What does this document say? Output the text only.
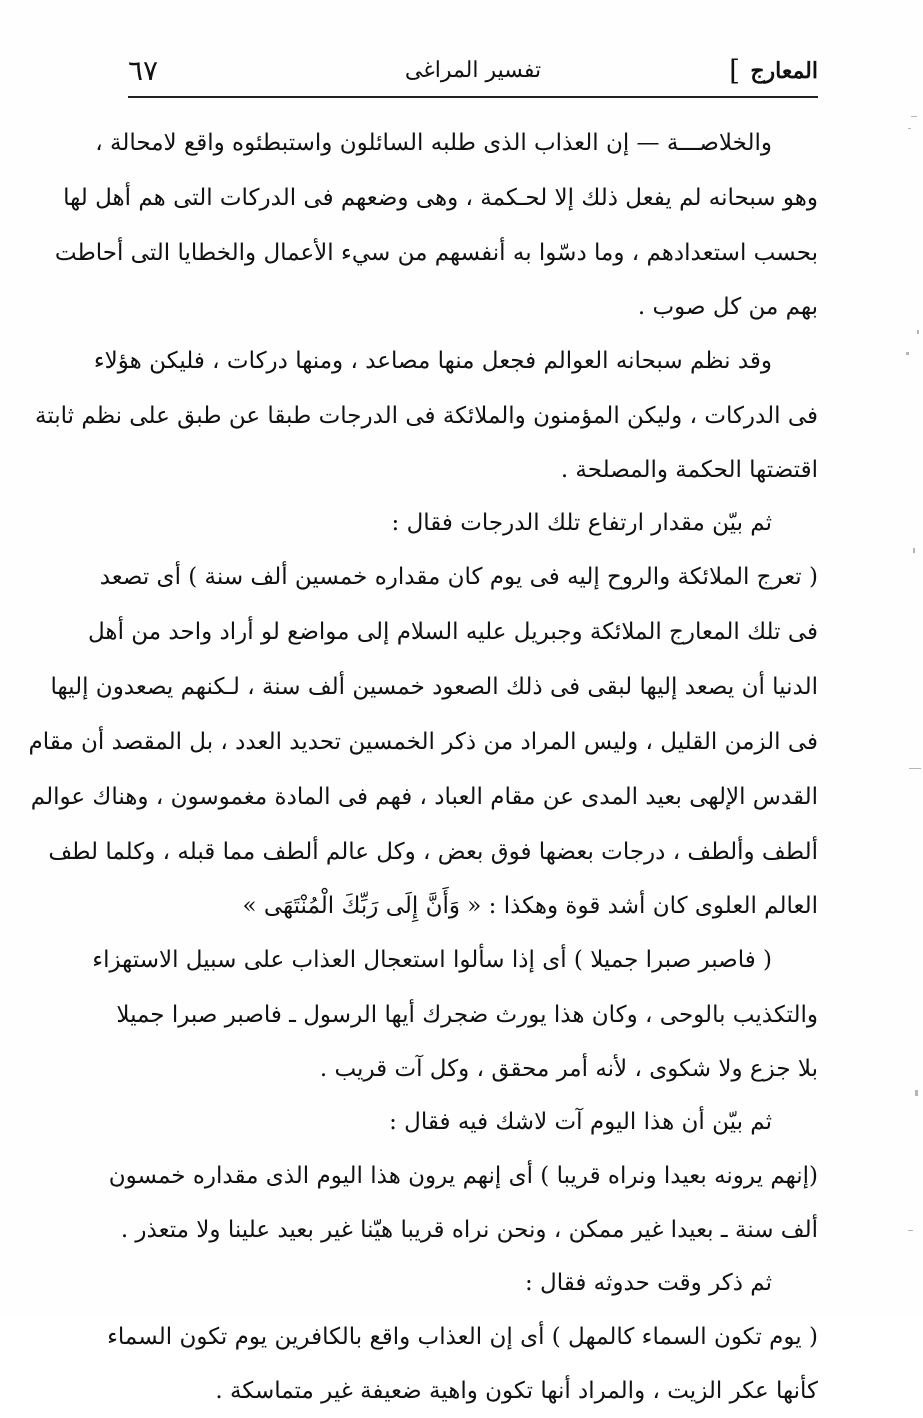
المعارج
]
تفسير المراغى
٦٧
والخلاصـــة — إن العذاب الذى طلبه السائلون واستبطئوه واقع لامحالة ،
وهو سبحانه لم يفعل ذلك إلا لحـكمة ، وهى وضعهم فى الدركات التى هم أهل لها
بحسب استعدادهم ، وما دسّوا به أنفسهم من سيء الأعمال والخطايا التى أحاطت
بهم من كل صوب .
وقد نظم سبحانه العوالم فجعل منها مصاعد ، ومنها دركات ، فليكن هؤلاء
فى الدركات ، وليكن المؤمنون والملائكة فى الدرجات طبقا عن طبق على نظم ثابتة
اقتضتها الحكمة والمصلحة .
ثم بيّن مقدار ارتفاع تلك الدرجات فقال :
( تعرج الملائكة والروح إليه فى يوم كان مقداره خمسين ألف سنة ) أى تصعد
فى تلك المعارج الملائكة وجبريل عليه السلام إلى مواضع لو أراد واحد من أهل
الدنيا أن يصعد إليها لبقى فى ذلك الصعود خمسين ألف سنة ، لـكنهم يصعدون إليها
فى الزمن القليل ، وليس المراد من ذكر الخمسين تحديد العدد ، بل المقصد أن مقام
القدس الإلهى بعيد المدى عن مقام العباد ، فهم فى المادة مغموسون ، وهناك عوالم
ألطف وألطف ، درجات بعضها فوق بعض ، وكل عالم ألطف مما قبله ، وكلما لطف
العالم العلوى كان أشد قوة وهكذا : « وَأَنَّ إِلَى رَبِّكَ الْمُنْتَهَى »
( فاصبر صبرا جميلا ) أى إذا سألوا استعجال العذاب على سبيل الاستهزاء
والتكذيب بالوحى ، وكان هذا يورث ضجرك أيها الرسول ـ فاصبر صبرا جميلا
بلا جزع ولا شكوى ، لأنه أمر محقق ، وكل آت قريب .
ثم بيّن أن هذا اليوم آت لاشك فيه فقال :
(إنهم يرونه بعيدا ونراه قريبا ) أى إنهم يرون هذا اليوم الذى مقداره خمسون
ألف سنة ـ بعيدا غير ممكن ، ونحن نراه قريبا هيّنا غير بعيد علينا ولا متعذر .
ثم ذكر وقت حدوثه فقال :
( يوم تكون السماء كالمهل ) أى إن العذاب واقع بالكافرين يوم تكون السماء
كأنها عكر الزيت ، والمراد أنها تكون واهية ضعيفة غير متماسكة .
